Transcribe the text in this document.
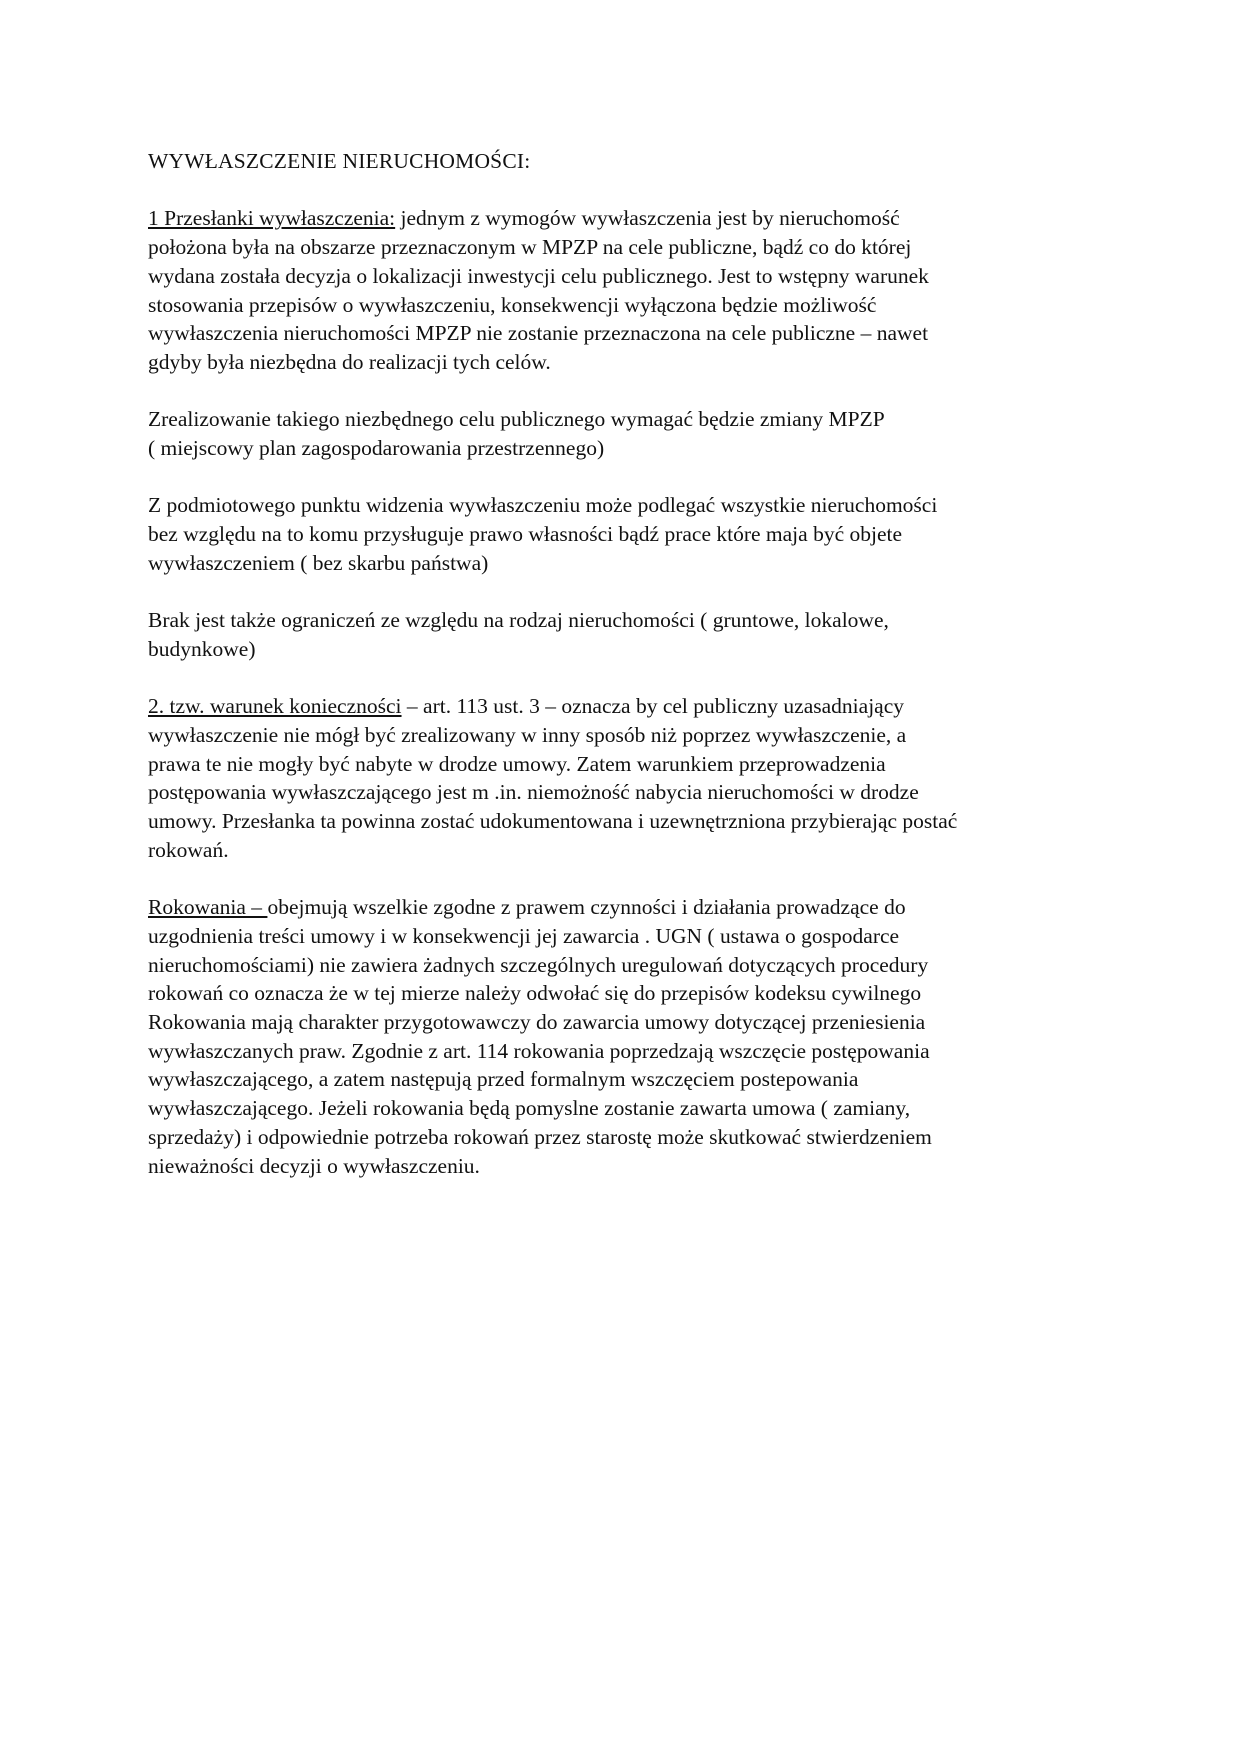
WYWŁASZCZENIE NIERUCHOMOŚCI:
1 Przesłanki wywłaszczenia: jednym z wymogów wywłaszczenia jest by nieruchomość
położona była na obszarze przeznaczonym w MPZP na cele publiczne, bądź co do której
wydana została decyzja o lokalizacji inwestycji celu publicznego. Jest to wstępny warunek
stosowania przepisów o wywłaszczeniu, konsekwencji wyłączona będzie możliwość
wywłaszczenia nieruchomości MPZP nie zostanie przeznaczona na cele publiczne – nawet
gdyby była niezbędna do realizacji tych celów.
Zrealizowanie takiego niezbędnego celu publicznego wymagać będzie zmiany MPZP
( miejscowy plan zagospodarowania przestrzennego)
Z podmiotowego punktu widzenia wywłaszczeniu może podlegać wszystkie nieruchomości
bez względu na to komu przysługuje prawo własności bądź prace które maja być objete
wywłaszczeniem ( bez skarbu państwa)
Brak jest także ograniczeń ze względu na rodzaj nieruchomości ( gruntowe, lokalowe,
budynkowe)
2. tzw. warunek konieczności – art. 113 ust. 3 – oznacza by cel publiczny uzasadniający
wywłaszczenie nie mógł być zrealizowany w inny sposób niż poprzez wywłaszczenie, a
prawa te nie mogły być nabyte w drodze umowy. Zatem warunkiem przeprowadzenia
postępowania wywłaszczającego jest m .in. niemożność nabycia nieruchomości w drodze
umowy. Przesłanka ta powinna zostać udokumentowana i uzewnętrzniona przybierając postać
rokowań.
Rokowania – obejmują wszelkie zgodne z prawem czynności i działania prowadzące do
uzgodnienia treści umowy i w konsekwencji jej zawarcia . UGN ( ustawa o gospodarce
nieruchomościami) nie zawiera żadnych szczególnych uregulowań dotyczących procedury
rokowań co oznacza że w tej mierze należy odwołać się do przepisów kodeksu cywilnego
Rokowania mają charakter przygotowawczy do zawarcia umowy dotyczącej przeniesienia
wywłaszczanych praw. Zgodnie z art. 114 rokowania poprzedzają wszczęcie postępowania
wywłaszczającego, a zatem następują przed formalnym wszczęciem postepowania
wywłaszczającego. Jeżeli rokowania będą pomyslne zostanie zawarta umowa ( zamiany,
sprzedaży) i odpowiednie potrzeba rokowań przez starostę może skutkować stwierdzeniem
nieważności decyzji o wywłaszczeniu.
